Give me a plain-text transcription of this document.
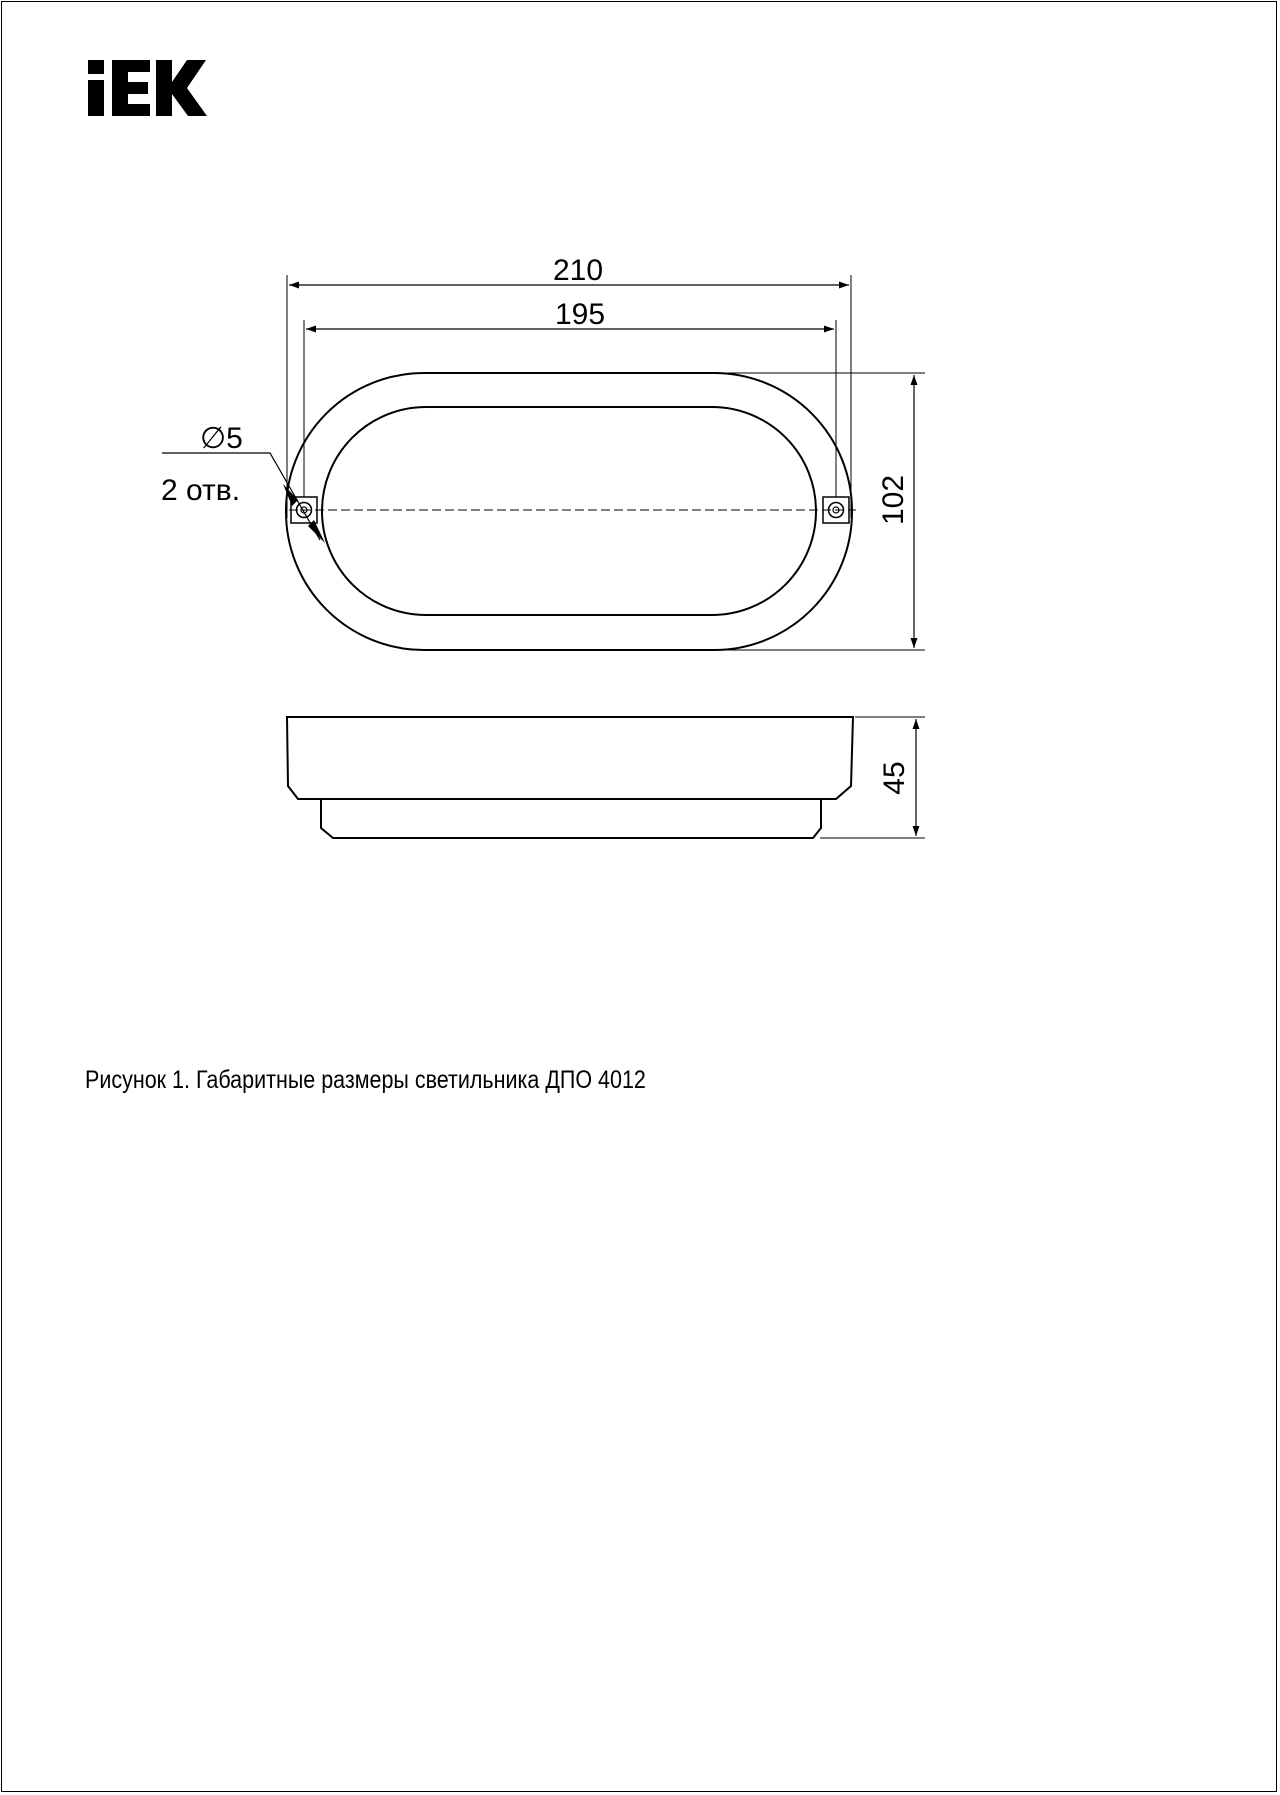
IEK
210
195
102
45
∅5
2 отв.
Рисунок 1. Габаритные размеры светильника ДПО 4012
